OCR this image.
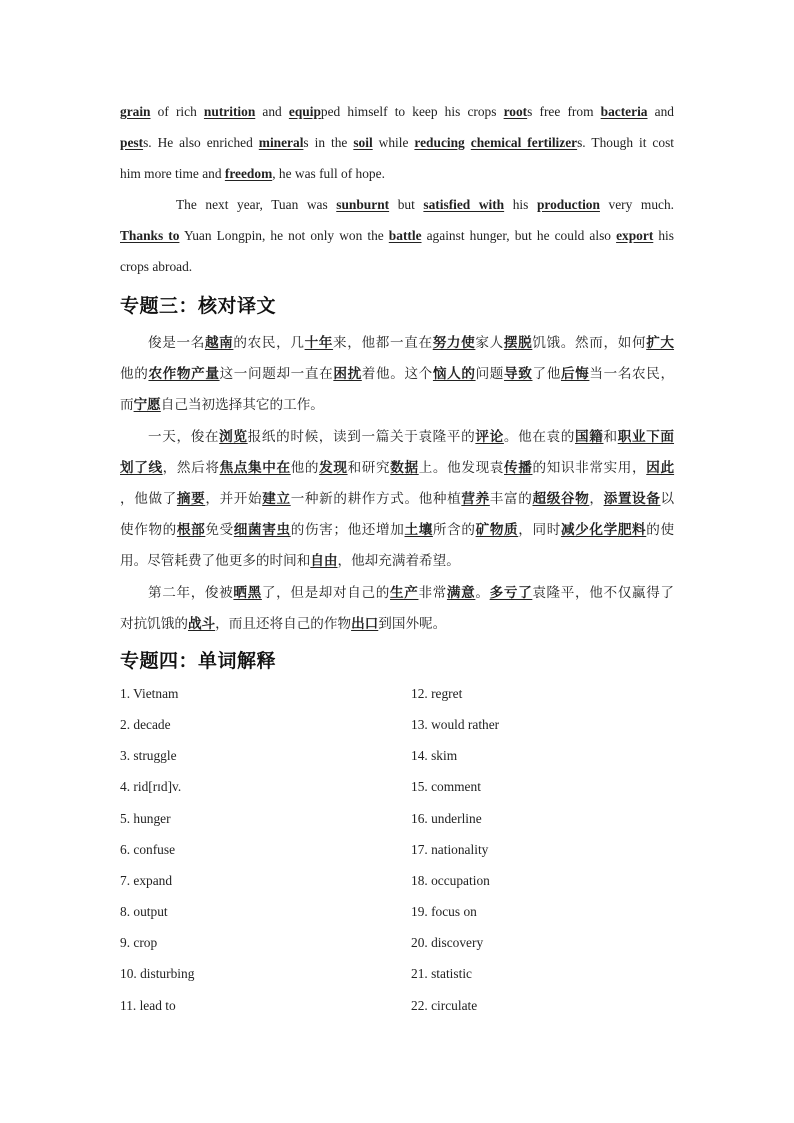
grain of rich nutrition and equipped himself to keep his crops roots free from bacteria and
pests. He also enriched minerals in the soil while reducing chemical fertilizers. Though it cost
him more time and freedom, he was full of hope.
The next year, Tuan was sunburnt but satisfied with his production very much.
Thanks to Yuan Longpin, he not only won the battle against hunger, but he could also export his
crops abroad.
专题三：核对译文
俊是一名越南的农民，几十年来，他都一直在努力使家人摆脱饥饿。然而，如何扩大
他的农作物产量这一问题却一直在困扰着他。这个恼人的问题导致了他后悔当一名农民，
而宁愿自己当初选择其它的工作。
一天，俊在浏览报纸的时候，读到一篇关于袁隆平的评论。他在袁的国籍和职业下面
划了线，然后将焦点集中在他的发现和研究数据上。他发现袁传播的知识非常实用，因此
，他做了摘要，并开始建立一种新的耕作方式。他种植营养丰富的超级谷物，添置设备以
使作物的根部免受细菌害虫的伤害；他还增加土壤所含的矿物质，同时减少化学肥料的使
用。尽管耗费了他更多的时间和自由，他却充满着希望。
第二年，俊被晒黑了，但是却对自己的生产非常满意。多亏了袁隆平，他不仅赢得了
对抗饥饿的战斗，而且还将自己的作物出口到国外呢。
专题四：单词解释
1. Vietnam
2. decade
3. struggle
4. rid[rɪd]v.
5. hunger
6. confuse
7. expand
8. output
9. crop
10. disturbing
11. lead to
12. regret
13. would rather
14. skim
15. comment
16. underline
17. nationality
18. occupation
19. focus on
20. discovery
21. statistic
22. circulate
